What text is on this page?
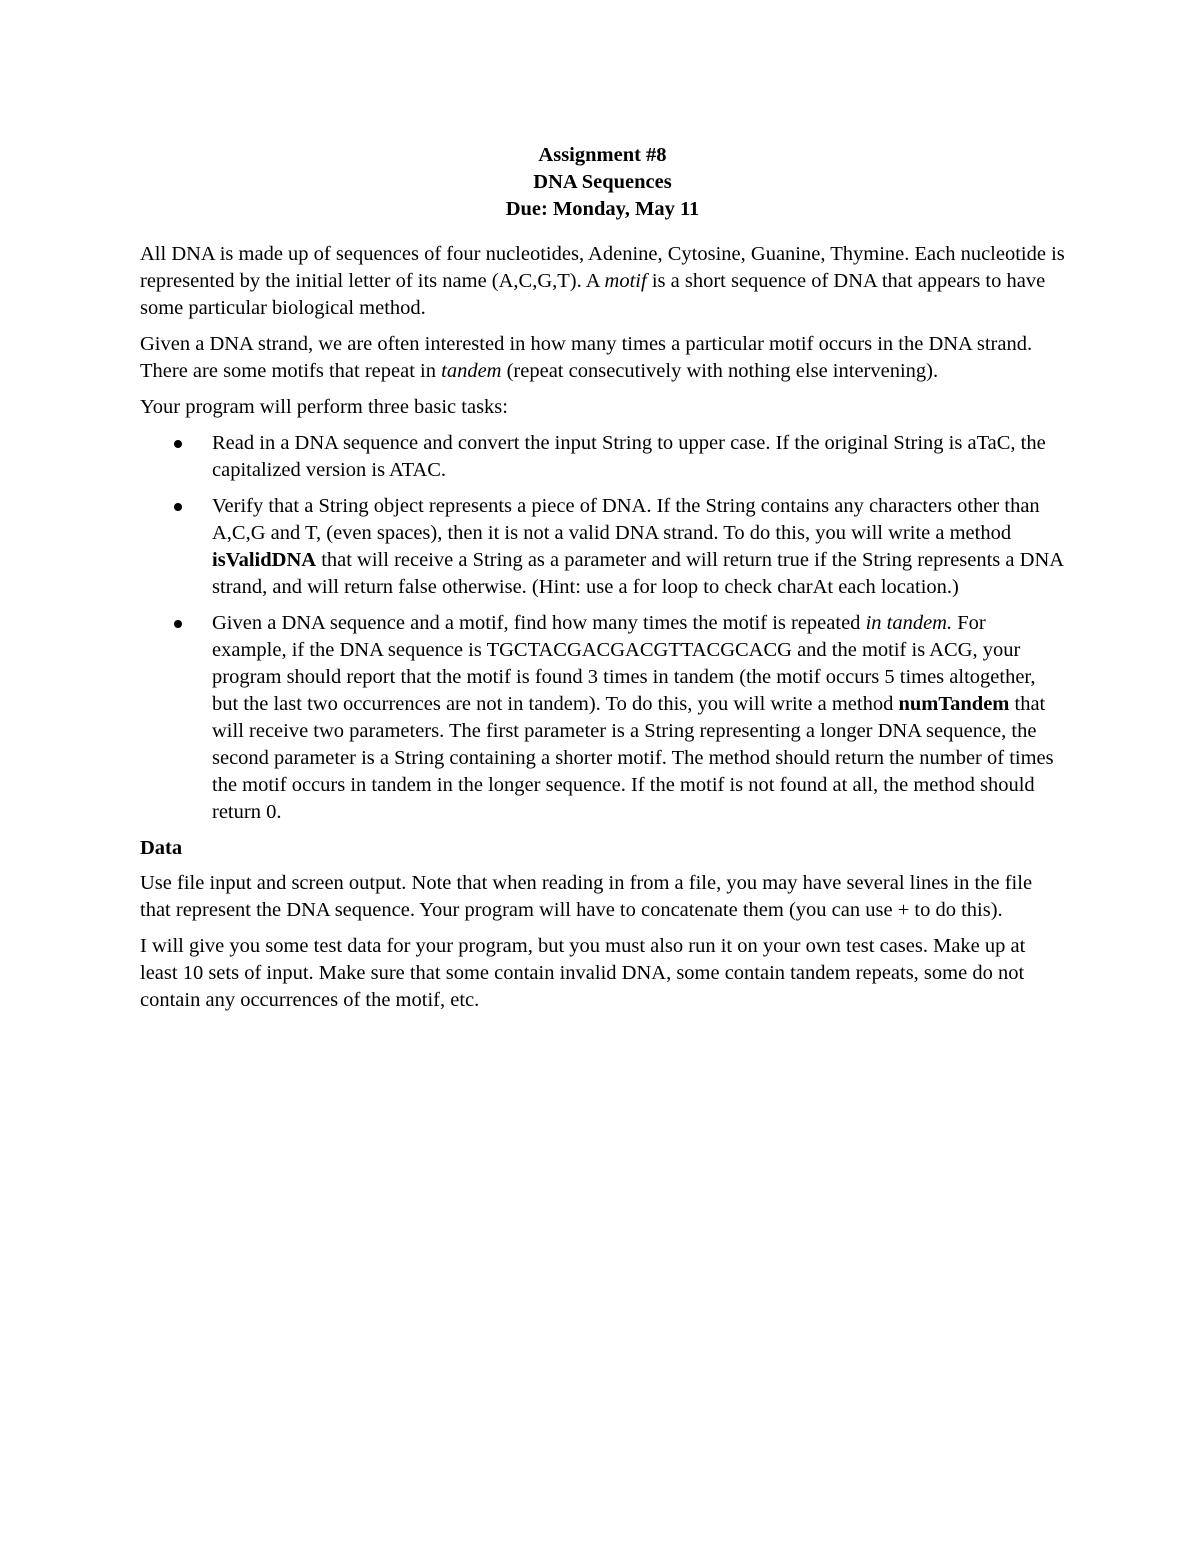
Assignment #8
DNA Sequences
Due: Monday, May 11

All DNA is made up of sequences of four nucleotides, Adenine, Cytosine, Guanine, Thymine. Each nucleotide is represented by the initial letter of its name (A,C,G,T). A motif is a short sequence of DNA that appears to have some particular biological method.

Given a DNA strand, we are often interested in how many times a particular motif occurs in the DNA strand. There are some motifs that repeat in tandem (repeat consecutively with nothing else intervening).

Your program will perform three basic tasks:

Read in a DNA sequence and convert the input String to upper case. If the original String is aTaC, the capitalized version is ATAC.
Verify that a String object represents a piece of DNA. If the String contains any characters other than A,C,G and T, (even spaces), then it is not a valid DNA strand. To do this, you will write a method isValidDNA that will receive a String as a parameter and will return true if the String represents a DNA strand, and will return false otherwise. (Hint: use a for loop to check charAt each location.)
Given a DNA sequence and a motif, find how many times the motif is repeated in tandem. For example, if the DNA sequence is TGCTACGACGACGTTACGCACG and the motif is ACG, your program should report that the motif is found 3 times in tandem (the motif occurs 5 times altogether, but the last two occurrences are not in tandem). To do this, you will write a method numTandem that will receive two parameters. The first parameter is a String representing a longer DNA sequence, the second parameter is a String containing a shorter motif. The method should return the number of times the motif occurs in tandem in the longer sequence. If the motif is not found at all, the method should return 0.
Data

Use file input and screen output. Note that when reading in from a file, you may have several lines in the file that represent the DNA sequence. Your program will have to concatenate them (you can use + to do this).

I will give you some test data for your program, but you must also run it on your own test cases. Make up at least 10 sets of input. Make sure that some contain invalid DNA, some contain tandem repeats, some do not contain any occurrences of the motif, etc.
